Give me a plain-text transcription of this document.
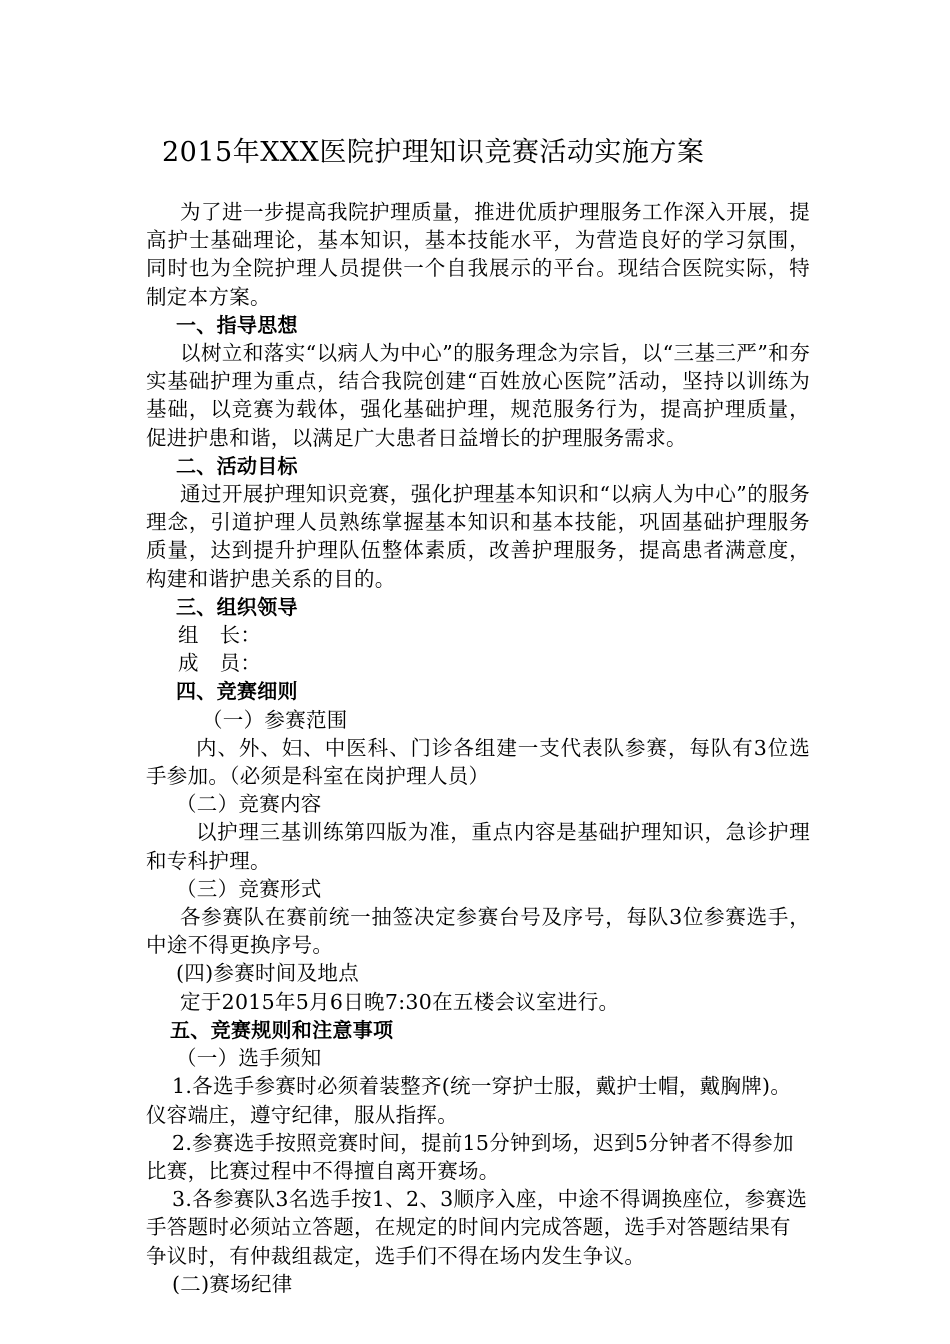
2015年XXX医院护理知识竞赛活动实施方案

为了进一步提高我院护理质量，推进优质护理服务工作深入开展，提高护士基础理论，基本知识，基本技能水平，为营造良好的学习氛围，同时也为全院护理人员提供一个自我展示的平台。现结合医院实际，特制定本方案。

一、指导思想

以树立和落实“以病人为中心”的服务理念为宗旨，以“三基三严”和夯实基础护理为重点，结合我院创建“百姓放心医院”活动，坚持以训练为基础，以竞赛为载体，强化基础护理，规范服务行为，提高护理质量，促进护患和谐，以满足广大患者日益增长的护理服务需求。

二、活动目标

通过开展护理知识竞赛，强化护理基本知识和“以病人为中心”的服务理念，引道护理人员熟练掌握基本知识和基本技能，巩固基础护理服务质量，达到提升护理队伍整体素质，改善护理服务，提高患者满意度，构建和谐护患关系的目的。

三、组织领导

组　长：

成　员：

四、竞赛细则

（一）参赛范围

内、外、妇、中医科、门诊各组建一支代表队参赛，每队有3位选手参加。（必须是科室在岗护理人员）

（二）竞赛内容

以护理三基训练第四版为准，重点内容是基础护理知识，急诊护理和专科护理。

（三）竞赛形式

各参赛队在赛前统一抽签决定参赛台号及序号，每队3位参赛选手，中途不得更换序号。

(四)参赛时间及地点

定于2015年5月6日晚7:30在五楼会议室进行。

五、竞赛规则和注意事项

（一）选手须知

1.各选手参赛时必须着装整齐(统一穿护士服，戴护士帽，戴胸牌)。仪容端庄，遵守纪律，服从指挥。

2.参赛选手按照竞赛时间，提前15分钟到场，迟到5分钟者不得参加比赛，比赛过程中不得擅自离开赛场。

3.各参赛队3名选手按1、2、3顺序入座，中途不得调换座位，参赛选手答题时必须站立答题，在规定的时间内完成答题，选手对答题结果有争议时，有仲裁组裁定，选手们不得在场内发生争议。

(二)赛场纪律
